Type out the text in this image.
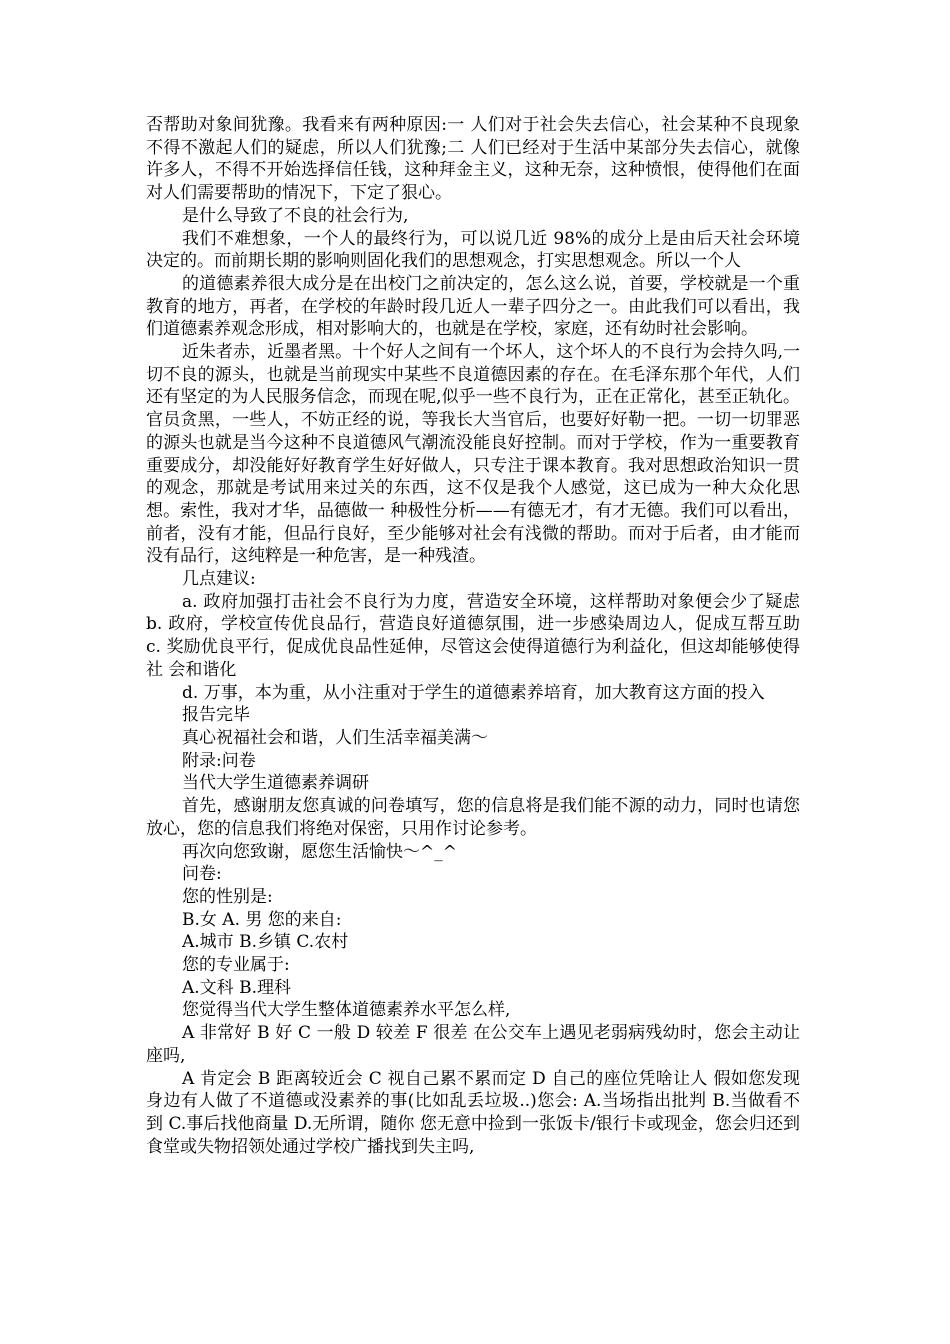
否帮助对象间犹豫。我看来有两种原因:一 人们对于社会失去信心，社会某种不良现象不得不激起人们的疑虑，所以人们犹豫;二 人们已经对于生活中某部分失去信心，就像许多人，不得不开始选择信任钱，这种拜金主义，这种无奈，这种愤恨，使得他们在面对人们需要帮助的情况下，下定了狠心。

是什么导致了不良的社会行为,

我们不难想象，一个人的最终行为，可以说几近 98%的成分上是由后天社会环境决定的。而前期长期的影响则固化我们的思想观念，打实思想观念。所以一个人

的道德素养很大成分是在出校门之前决定的，怎么这么说，首要，学校就是一个重教育的地方，再者，在学校的年龄时段几近人一辈子四分之一。由此我们可以看出，我们道德素养观念形成，相对影响大的，也就是在学校，家庭，还有幼时社会影响。

近朱者赤，近墨者黑。十个好人之间有一个坏人，这个坏人的不良行为会持久吗,一切不良的源头，也就是当前现实中某些不良道德因素的存在。在毛泽东那个年代，人们还有坚定的为人民服务信念，而现在呢,似乎一些不良行为，正在正常化，甚至正轨化。官员贪黑，一些人，不妨正经的说，等我长大当官后，也要好好勒一把。一切一切罪恶的源头也就是当今这种不良道德风气潮流没能良好控制。而对于学校，作为一重要教育重要成分，却没能好好教育学生好好做人，只专注于课本教育。我对思想政治知识一贯的观念，那就是考试用来过关的东西，这不仅是我个人感觉，这已成为一种大众化思想。索性，我对才华，品德做一 种极性分析——有德无才，有才无德。我们可以看出，前者，没有才能，但品行良好，至少能够对社会有浅微的帮助。而对于后者，由才能而没有品行，这纯粹是一种危害，是一种残渣。

几点建议:

a. 政府加强打击社会不良行为力度，营造安全环境，这样帮助对象便会少了疑虑 b. 政府，学校宣传优良品行，营造良好道德氛围，进一步感染周边人，促成互帮互助 c. 奖励优良平行，促成优良品性延伸，尽管这会使得道德行为利益化，但这却能够使得社 会和谐化

d. 万事，本为重，从小注重对于学生的道德素养培育，加大教育这方面的投入

报告完毕

真心祝福社会和谐，人们生活幸福美满～

附录:问卷

当代大学生道德素养调研

首先，感谢朋友您真诚的问卷填写，您的信息将是我们能不源的动力，同时也请您放心，您的信息我们将绝对保密，只用作讨论参考。

再次向您致谢，愿您生活愉快～^_^

问卷:

您的性别是:

B.女 A. 男 您的来自:

A.城市 B.乡镇 C.农村

您的专业属于:

A.文科 B.理科

您觉得当代大学生整体道德素养水平怎么样,

A 非常好 B 好 C 一般 D 较差 F 很差 在公交车上遇见老弱病残幼时，您会主动让座吗,

A 肯定会 B 距离较近会 C 视自己累不累而定 D 自己的座位凭啥让人 假如您发现身边有人做了不道德或没素养的事(比如乱丢垃圾..)您会: A.当场指出批判 B.当做看不到 C.事后找他商量 D.无所谓，随你 您无意中捡到一张饭卡/银行卡或现金，您会归还到食堂或失物招领处通过学校广播找到失主吗,
